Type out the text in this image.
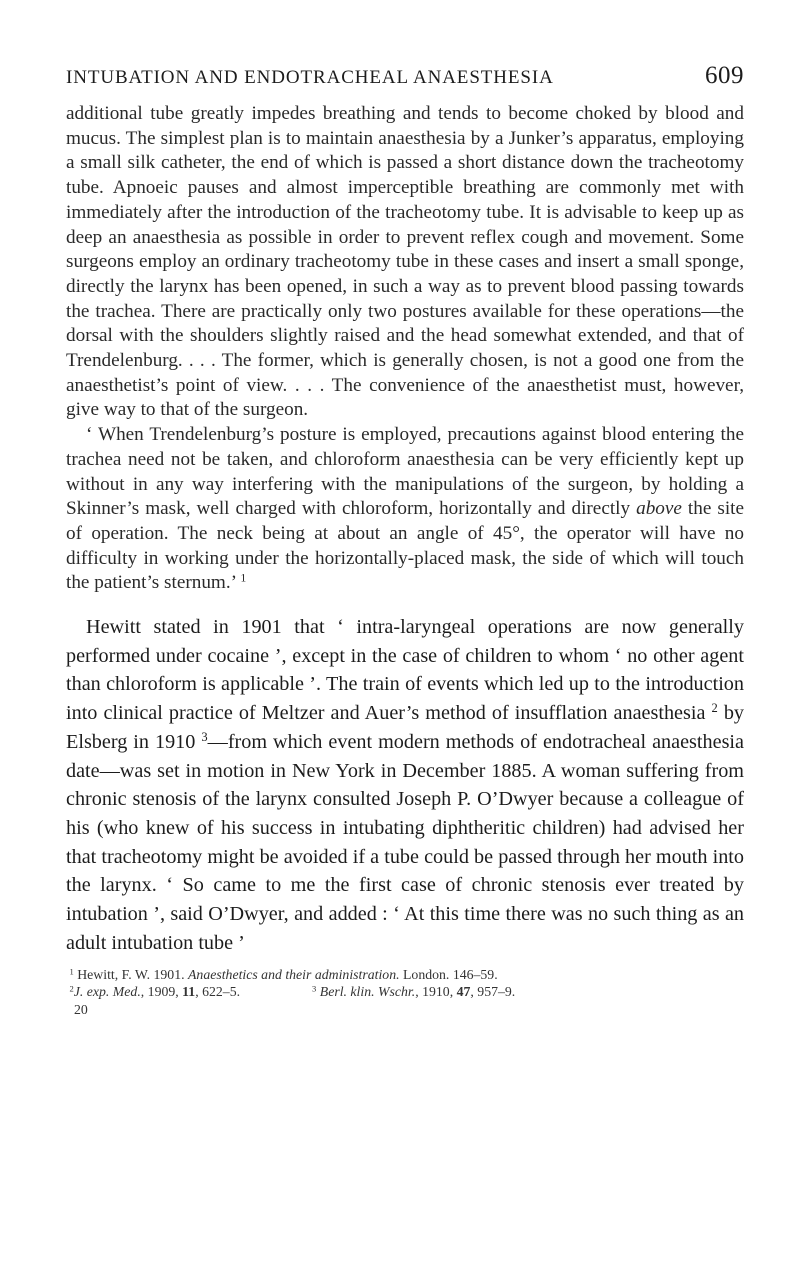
INTUBATION AND ENDOTRACHEAL ANAESTHESIA	609

additional tube greatly impedes breathing and tends to become choked by blood and mucus. The simplest plan is to maintain anaesthesia by a Junker’s apparatus, employing a small silk catheter, the end of which is passed a short distance down the tracheotomy tube. Apnoeic pauses and almost imperceptible breathing are commonly met with immediately after the introduction of the tracheotomy tube. It is advisable to keep up as deep an anaesthesia as possible in order to prevent reflex cough and movement. Some surgeons employ an ordinary tracheotomy tube in these cases and insert a small sponge, directly the larynx has been opened, in such a way as to prevent blood passing towards the trachea. There are practically only two postures available for these operations—the dorsal with the shoulders slightly raised and the head somewhat extended, and that of Trendelenburg. . . . The former, which is generally chosen, is not a good one from the anaesthetist’s point of view. . . . The convenience of the anaesthetist must, however, give way to that of the surgeon.

‘ When Trendelenburg’s posture is employed, precautions against blood entering the trachea need not be taken, and chloroform anaesthesia can be very efficiently kept up without in any way interfering with the manipulations of the surgeon, by holding a Skinner’s mask, well charged with chloroform, horizontally and directly above the site of operation. The neck being at about an angle of 45°, the operator will have no difficulty in working under the horizontally-placed mask, the side of which will touch the patient’s sternum.’ $^1$

Hewitt stated in 1901 that ‘ intra-laryngeal operations are now generally performed under cocaine ’, except in the case of children to whom ‘ no other agent than chloroform is applicable ’. The train of events which led up to the introduction into clinical practice of Meltzer and Auer’s method of insufflation anaesthesia $^2$ by Elsberg in 1910 $^3$—from which event modern methods of endotracheal anaesthesia date—was set in motion in New York in December 1885. A woman suffering from chronic stenosis of the larynx consulted Joseph P. O’Dwyer because a colleague of his (who knew of his success in intubating diphtheritic children) had advised her that tracheotomy might be avoided if a tube could be passed through her mouth into the larynx. ‘ So came to me the first case of chronic stenosis ever treated by intubation ’, said O’Dwyer, and added : ‘ At this time there was no such thing as an adult intubation tube ’

$^1$ Hewitt, F. W. 1901. Anaesthetics and their administration. London. 146–59.
$^2$J. exp. Med., 1909, 11, 622–5.	$^3$ Berl. klin. Wschr., 1910, 47, 957–9.
20
